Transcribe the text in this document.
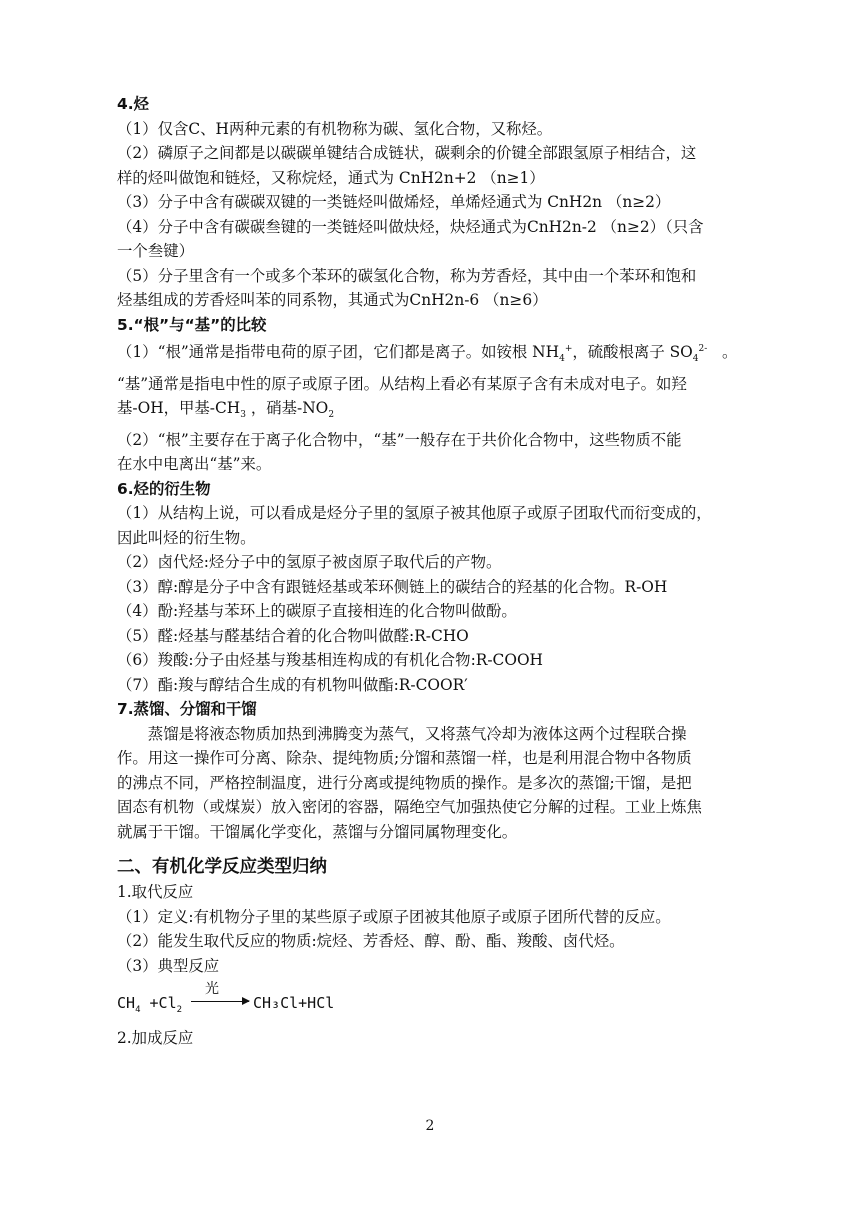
4.烃
（1）仅含C、H两种元素的有机物称为碳、氢化合物，又称烃。
（2）磷原子之间都是以碳碳单键结合成链状，碳剩余的价键全部跟氢原子相结合，这
样的烃叫做饱和链烃，又称烷烃，通式为 CnH2n+2 （n≥1）
（3）分子中含有碳碳双键的一类链烃叫做烯烃，单烯烃通式为 CnH2n （n≥2）
（4）分子中含有碳碳叁键的一类链烃叫做炔烃，炔烃通式为CnH2n-2 （n≥2）（只含
一个叁键）
（5）分子里含有一个或多个苯环的碳氢化合物，称为芳香烃，其中由一个苯环和饱和
烃基组成的芳香烃叫苯的同系物，其通式为CnH2n-6 （n≥6）
5.“根”与“基”的比较
（1）“根”通常是指带电荷的原子团，它们都是离子。如铵根 $NH_4^+$，硫酸根离子 $SO_4^{2-}$ 。
“基”通常是指电中性的原子或原子团。从结构上看必有某原子含有未成对电子。如羟
基-OH，甲基$-CH_3$ ，硝基$-NO_2$
（2）“根”主要存在于离子化合物中，“基”一般存在于共价化合物中，这些物质不能
在水中电离出“基”来。
6.烃的衍生物
（1）从结构上说，可以看成是烃分子里的氢原子被其他原子或原子团取代而衍变成的，
因此叫烃的衍生物。
（2）卤代烃:烃分子中的氢原子被卤原子取代后的产物。
（3）醇:醇是分子中含有跟链烃基或苯环侧链上的碳结合的羟基的化合物。R-OH
（4）酚:羟基与苯环上的碳原子直接相连的化合物叫做酚。
（5）醛:烃基与醛基结合着的化合物叫做醛:R-CHO
（6）羧酸:分子由烃基与羧基相连构成的有机化合物:R-COOH
（7）酯:羧与醇结合生成的有机物叫做酯:R-COOR′
7.蒸馏、分馏和干馏
蒸馏是将液态物质加热到沸腾变为蒸气，又将蒸气冷却为液体这两个过程联合操
作。用这一操作可分离、除杂、提纯物质;分馏和蒸馏一样，也是利用混合物中各物质
的沸点不同，严格控制温度，进行分离或提纯物质的操作。是多次的蒸馏;干馏，是把
固态有机物（或煤炭）放入密闭的容器，隔绝空气加强热使它分解的过程。工业上炼焦
就属于干馏。干馏属化学变化，蒸馏与分馏同属物理变化。
二、有机化学反应类型归纳
1.取代反应
（1）定义:有机物分子里的某些原子或原子团被其他原子或原子团所代替的反应。
（2）能发生取代反应的物质:烷烃、芳香烃、醇、酚、酯、羧酸、卤代烃。
（3）典型反应
$CH_4 +Cl_2$
光
→ CH₃Cl+HCl
2.加成反应
2
